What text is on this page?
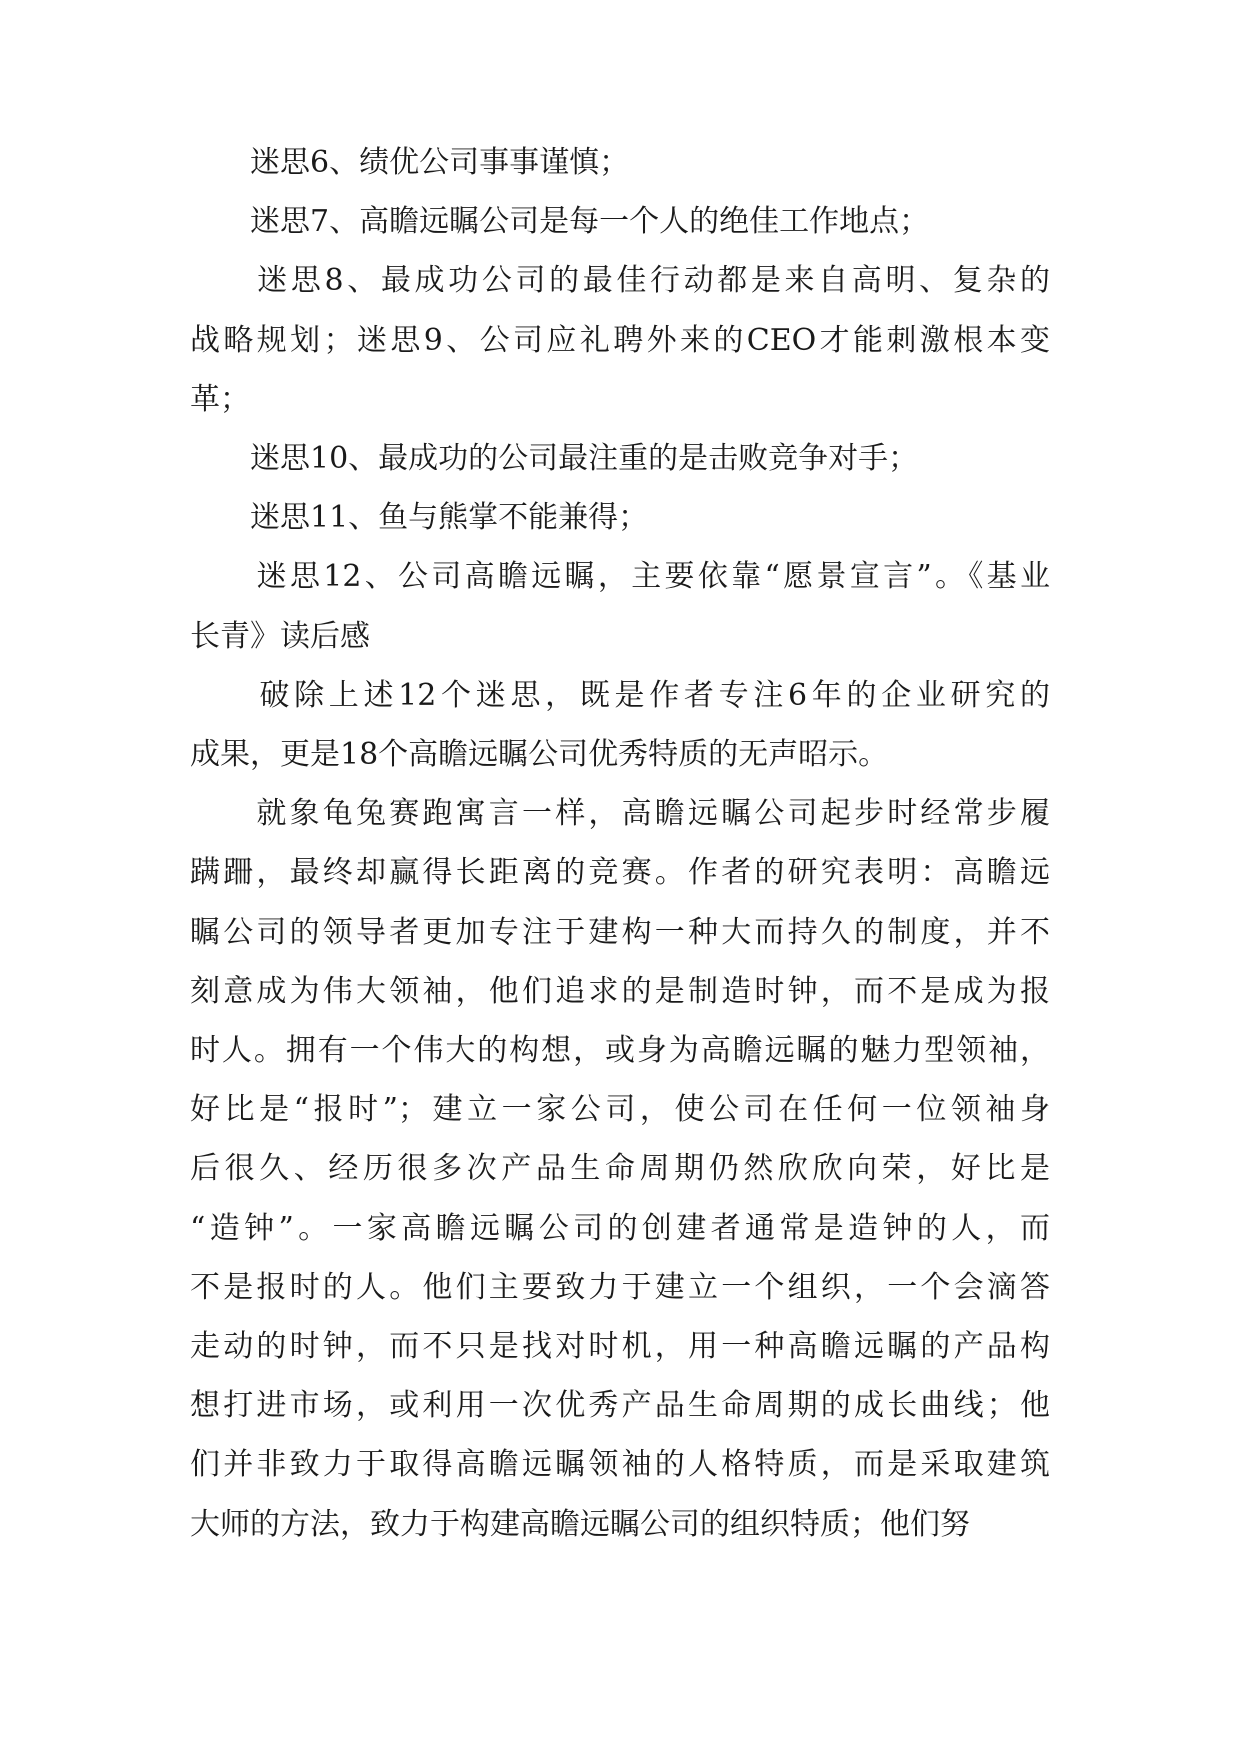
　　迷思6、绩优公司事事谨慎；
　　迷思7、高瞻远瞩公司是每一个人的绝佳工作地点；
　　迷思8、最成功公司的最佳行动都是来自高明、复杂的
战略规划；迷思9、公司应礼聘外来的CEO才能刺激根本变
革；
　　迷思10、最成功的公司最注重的是击败竞争对手；
　　迷思11、鱼与熊掌不能兼得；
　　迷思12、公司高瞻远瞩，主要依靠“愿景宣言”。《基业
长青》读后感
　　破除上述12个迷思，既是作者专注6年的企业研究的
成果，更是18个高瞻远瞩公司优秀特质的无声昭示。
　　就象龟兔赛跑寓言一样，高瞻远瞩公司起步时经常步履
蹒跚，最终却赢得长距离的竞赛。作者的研究表明：高瞻远
瞩公司的领导者更加专注于建构一种大而持久的制度，并不
刻意成为伟大领袖，他们追求的是制造时钟，而不是成为报
时人。拥有一个伟大的构想，或身为高瞻远瞩的魅力型领袖，
好比是“报时”；建立一家公司，使公司在任何一位领袖身
后很久、经历很多次产品生命周期仍然欣欣向荣，好比是
“造钟”。一家高瞻远瞩公司的创建者通常是造钟的人，而
不是报时的人。他们主要致力于建立一个组织，一个会滴答
走动的时钟，而不只是找对时机，用一种高瞻远瞩的产品构
想打进市场，或利用一次优秀产品生命周期的成长曲线；他
们并非致力于取得高瞻远瞩领袖的人格特质，而是采取建筑
大师的方法，致力于构建高瞻远瞩公司的组织特质；他们努
